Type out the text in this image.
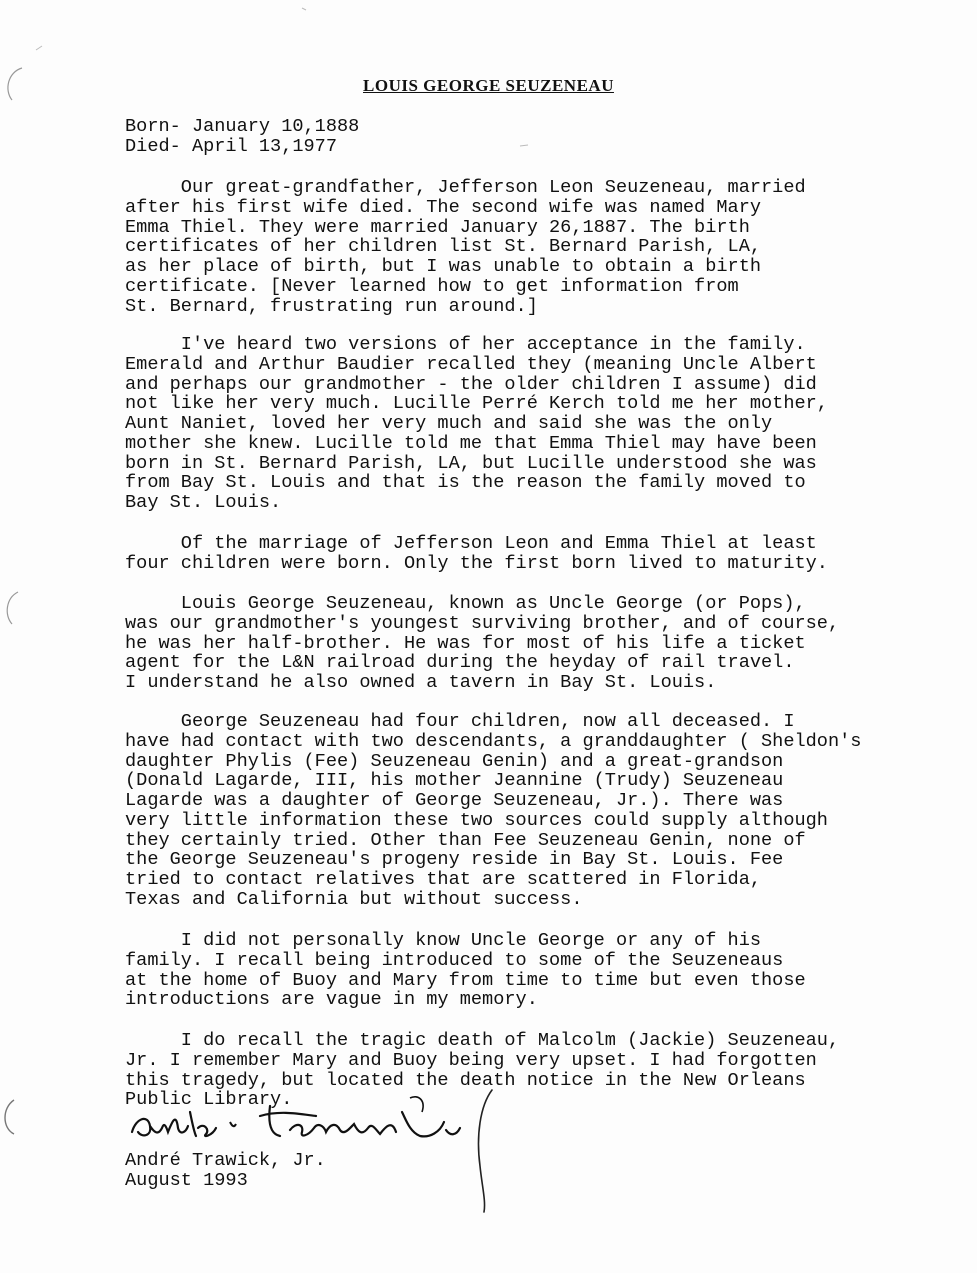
LOUIS GEORGE SEUZENEAU
Born- January 10,1888
Died- April 13,1977
Our great-grandfather, Jefferson Leon Seuzeneau, married
after his first wife died. The second wife was named Mary
Emma Thiel. They were married January 26,1887. The birth
certificates of her children list St. Bernard Parish, LA,
as her place of birth, but I was unable to obtain a birth
certificate. [Never learned how to get information from
St. Bernard, frustrating run around.]
I've heard two versions of her acceptance in the family.
Emerald and Arthur Baudier recalled they (meaning Uncle Albert
and perhaps our grandmother - the older children I assume) did
not like her very much. Lucille Perré Kerch told me her mother,
Aunt Naniet, loved her very much and said she was the only
mother she knew. Lucille told me that Emma Thiel may have been
born in St. Bernard Parish, LA, but Lucille understood she was
from Bay St. Louis and that is the reason the family moved to
Bay St. Louis.
Of the marriage of Jefferson Leon and Emma Thiel at least
four children were born. Only the first born lived to maturity.
Louis George Seuzeneau, known as Uncle George (or Pops),
was our grandmother's youngest surviving brother, and of course,
he was her half-brother. He was for most of his life a ticket
agent for the L&N railroad during the heyday of rail travel.
I understand he also owned a tavern in Bay St. Louis.
George Seuzeneau had four children, now all deceased. I
have had contact with two descendants, a granddaughter ( Sheldon's
daughter Phylis (Fee) Seuzeneau Genin) and a great-grandson
(Donald Lagarde, III, his mother Jeannine (Trudy) Seuzeneau
Lagarde was a daughter of George Seuzeneau, Jr.). There was
very little information these two sources could supply although
they certainly tried. Other than Fee Seuzeneau Genin, none of
the George Seuzeneau's progeny reside in Bay St. Louis. Fee
tried to contact relatives that are scattered in Florida,
Texas and California but without success.
I did not personally know Uncle George or any of his
family. I recall being introduced to some of the Seuzeneaus
at the home of Buoy and Mary from time to time but even those
introductions are vague in my memory.
I do recall the tragic death of Malcolm (Jackie) Seuzeneau,
Jr. I remember Mary and Buoy being very upset. I had forgotten
this tragedy, but located the death notice in the New Orleans
Public Library.
André Trawick, Jr.
August 1993
